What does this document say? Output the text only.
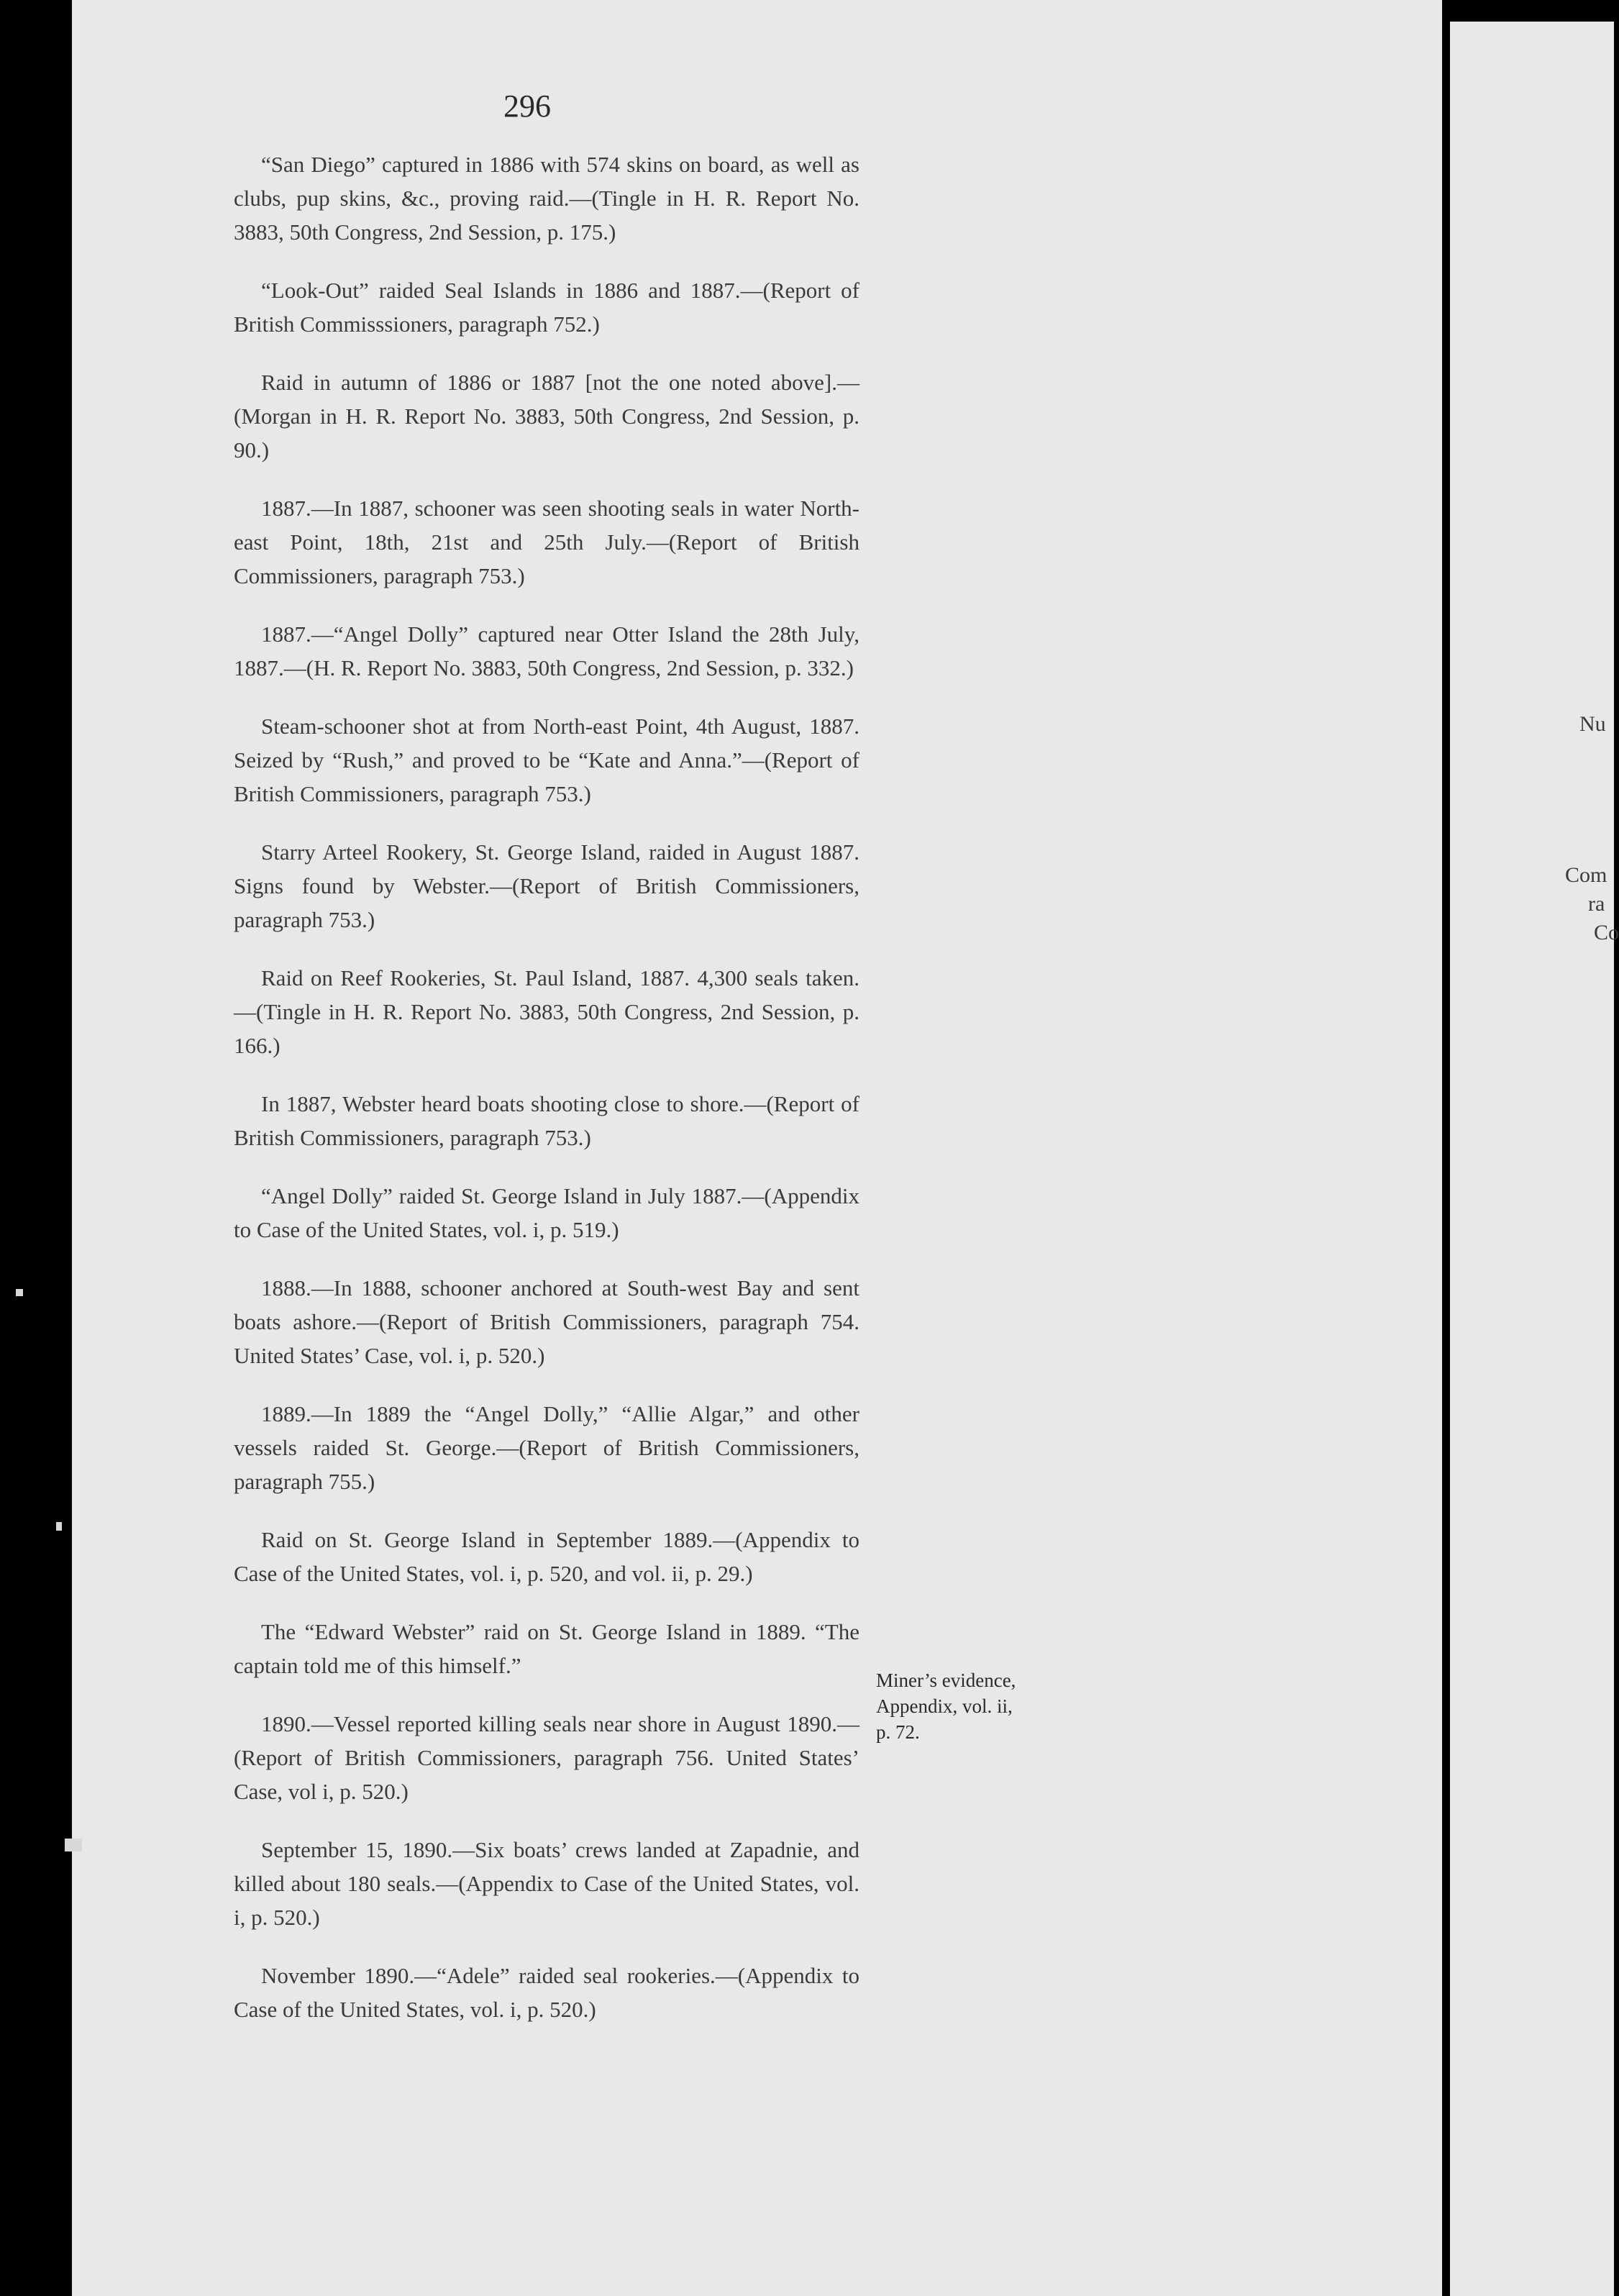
296

“San Diego” captured in 1886 with 574 skins on board, as well as clubs, pup skins, &c., proving raid.—(Tingle in H. R. Report No. 3883, 50th Congress, 2nd Session, p. 175.)

“Look-Out” raided Seal Islands in 1886 and 1887.—(Report of British Commisssioners, paragraph 752.)

Raid in autumn of 1886 or 1887 [not the one noted above].—(Morgan in H. R. Report No. 3883, 50th Congress, 2nd Session, p. 90.)

1887.—In 1887, schooner was seen shooting seals in water North-east Point, 18th, 21st and 25th July.—(Report of British Commissioners, paragraph 753.)

1887.—“Angel Dolly” captured near Otter Island the 28th July, 1887.—(H. R. Report No. 3883, 50th Congress, 2nd Session, p. 332.)

Steam-schooner shot at from North-east Point, 4th August, 1887. Seized by “Rush,” and proved to be “Kate and Anna.”—(Report of British Commissioners, paragraph 753.)

Starry Arteel Rookery, St. George Island, raided in August 1887. Signs found by Webster.—(Report of British Commissioners, paragraph 753.)

Raid on Reef Rookeries, St. Paul Island, 1887. 4,300 seals taken.—(Tingle in H. R. Report No. 3883, 50th Congress, 2nd Session, p. 166.)

In 1887, Webster heard boats shooting close to shore.—(Report of British Commissioners, paragraph 753.)

“Angel Dolly” raided St. George Island in July 1887.—(Appendix to Case of the United States, vol. i, p. 519.)

1888.—In 1888, schooner anchored at South-west Bay and sent boats ashore.—(Report of British Commissioners, paragraph 754. United States’ Case, vol. i, p. 520.)

1889.—In 1889 the “Angel Dolly,” “Allie Algar,” and other vessels raided St. George.—(Report of British Commissioners, paragraph 755.)

Raid on St. George Island in September 1889.—(Appendix to Case of the United States, vol. i, p. 520, and vol. ii, p. 29.)

The “Edward Webster” raid on St. George Island in 1889. “The captain told me of this himself.”

1890.—Vessel reported killing seals near shore in August 1890.—(Report of British Commissioners, paragraph 756. United States’ Case, vol i, p. 520.)

September 15, 1890.—Six boats’ crews landed at Zapadnie, and killed about 180 seals.—(Appendix to Case of the United States, vol. i, p. 520.)

November 1890.—“Adele” raided seal rookeries.—(Appendix to Case of the United States, vol. i, p. 520.)

Miner’s evidence,
Appendix, vol. ii,
p. 72.
Nu
Com
ra
Co
